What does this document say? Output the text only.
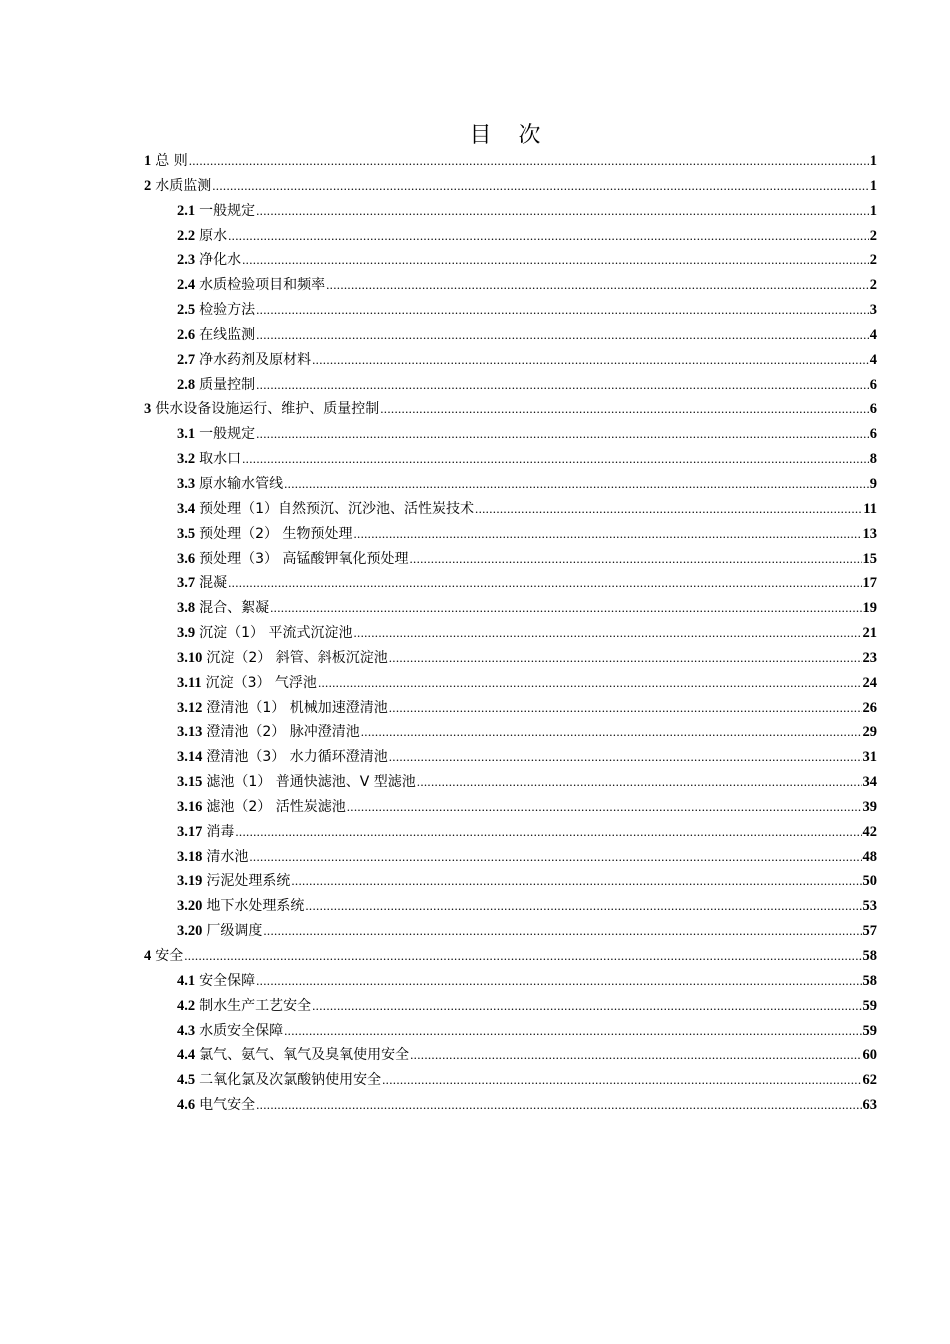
目 次
1 总 则 .....	1
2 水质监测 .....	1
2.1 一般规定 .....	1
2.2 原水 .....	2
2.3 净化水 .....	2
2.4 水质检验项目和频率 .....	2
2.5 检验方法 .....	3
2.6 在线监测 .....	4
2.7 净水药剂及原材料 .....	4
2.8 质量控制 .....	6
3 供水设备设施运行、维护、质量控制 .....	6
3.1 一般规定 .....	6
3.2 取水口 .....	8
3.3 原水输水管线 .....	9
3.4 预处理（1）自然预沉、沉沙池、活性炭技术 .....	11
3.5 预处理（2） 生物预处理 .....	13
3.6 预处理（3） 高锰酸钾氧化预处理 .....	15
3.7 混凝 .....	17
3.8 混合、絮凝 .....	19
3.9 沉淀（1） 平流式沉淀池 .....	21
3.10 沉淀（2） 斜管、斜板沉淀池 .....	23
3.11 沉淀（3） 气浮池 .....	24
3.12 澄清池（1） 机械加速澄清池 .....	26
3.13 澄清池（2） 脉冲澄清池 .....	29
3.14 澄清池（3） 水力循环澄清池 .....	31
3.15 滤池（1） 普通快滤池、V 型滤池 .....	34
3.16 滤池（2） 活性炭滤池 .....	39
3.17 消毒 .....	42
3.18 清水池 .....	48
3.19 污泥处理系统 .....	50
3.20 地下水处理系统 .....	53
3.20 厂级调度 .....	57
4 安全 .....	58
4.1 安全保障 .....	58
4.2 制水生产工艺安全 .....	59
4.3 水质安全保障 .....	59
4.4 氯气、氨气、氧气及臭氧使用安全 .....	60
4.5 二氧化氯及次氯酸钠使用安全 .....	62
4.6 电气安全 .....	63
